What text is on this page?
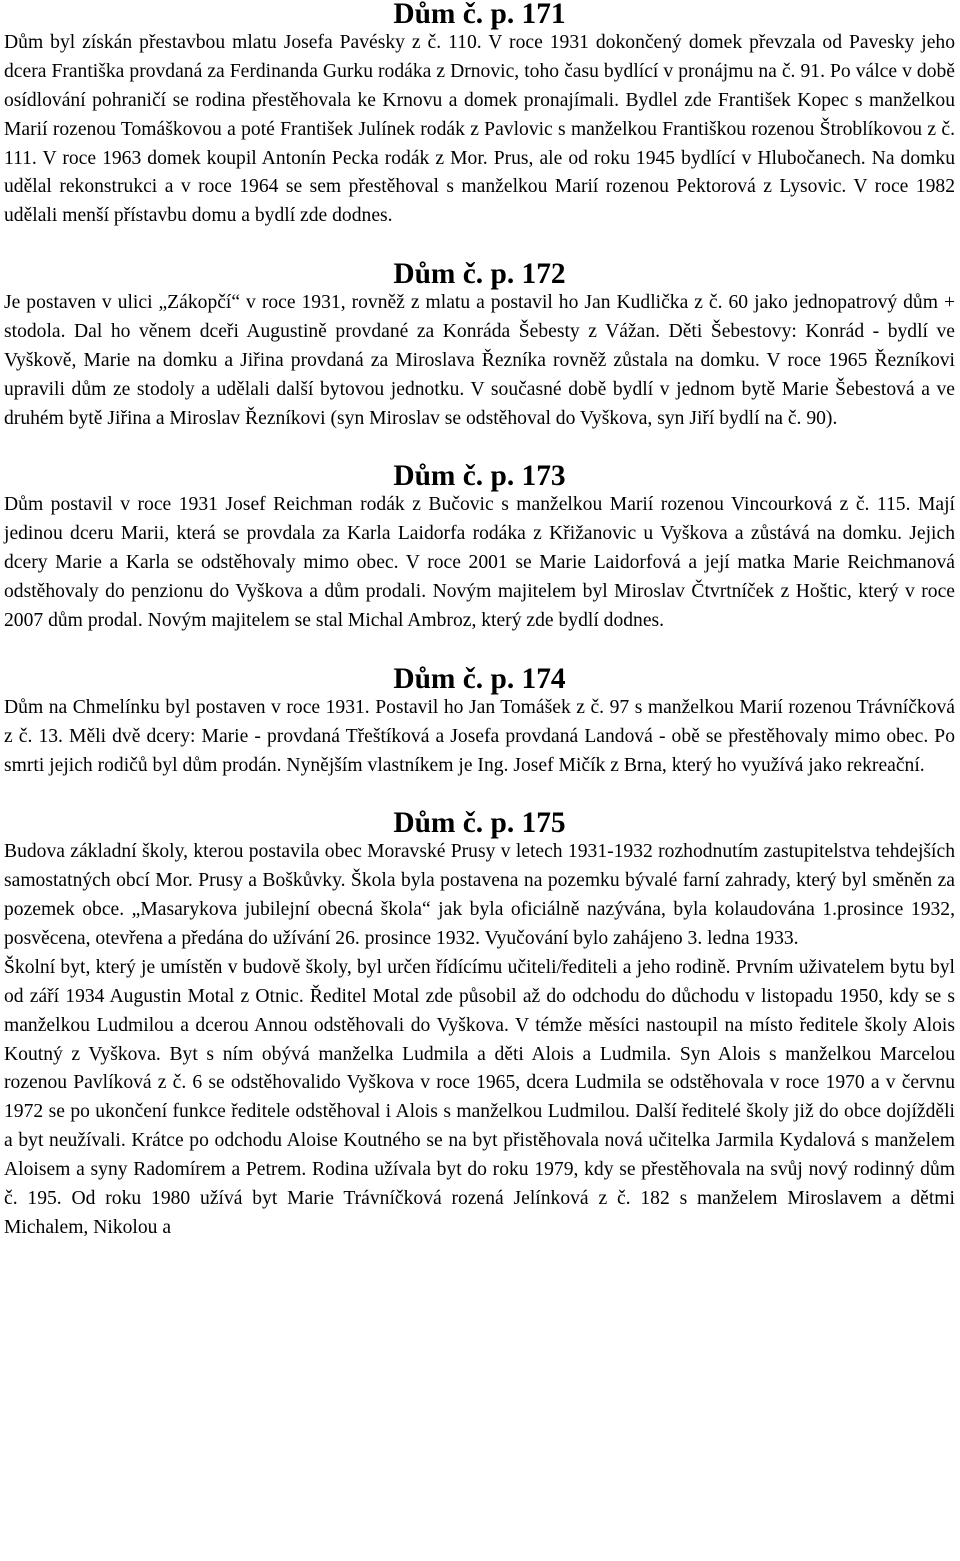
Dům č. p. 171

Dům byl získán přestavbou mlatu Josefa Pavésky z č. 110. V roce 1931 dokončený domek převzala od Pavesky jeho dcera Františka provdaná za Ferdinanda Gurku rodáka z Drnovic, toho času bydlící v pronájmu na č. 91. Po válce v době osídlování pohraničí se rodina přestěhovala ke Krnovu a domek pronajímali. Bydlel zde František Kopec s manželkou Marií rozenou Tomáškovou a poté František Julínek rodák z Pavlovic s manželkou Františkou rozenou Štroblíkovou z č. 111. V roce 1963 domek koupil Antonín Pecka rodák z Mor. Prus, ale od roku 1945 bydlící v Hlubočanech. Na domku udělal rekonstrukci a v roce 1964 se sem přestěhoval s manželkou Marií rozenou Pektorová z Lysovic. V roce 1982 udělali menší přístavbu domu a bydlí zde dodnes.

Dům č. p. 172

Je postaven v ulici „Zákopčí“ v roce 1931, rovněž z mlatu a postavil ho Jan Kudlička z č. 60 jako jednopatrový dům + stodola. Dal ho věnem dceři Augustině provdané za Konráda Šebesty z Vážan. Děti Šebestovy: Konrád - bydlí ve Vyškově, Marie na domku a Jiřina provdaná za Miroslava Řezníka rovněž zůstala na domku. V roce 1965 Řezníkovi upravili dům ze stodoly a udělali další bytovou jednotku. V současné době bydlí v jednom bytě Marie Šebestová a ve druhém bytě Jiřina a Miroslav Řezníkovi (syn Miroslav se odstěhoval do Vyškova, syn Jiří bydlí na č. 90).

Dům č. p. 173

Dům postavil v roce 1931 Josef Reichman rodák z Bučovic s manželkou Marií rozenou Vincourková z č. 115. Mají jedinou dceru Marii, která se provdala za Karla Laidorfa rodáka z Křižanovic u Vyškova a zůstává na domku. Jejich dcery Marie a Karla se odstěhovaly mimo obec. V roce 2001 se Marie Laidorfová a její matka Marie Reichmanová odstěhovaly do penzionu do Vyškova a dům prodali. Novým majitelem byl Miroslav Čtvrtníček z Hoštic, který v roce 2007 dům prodal. Novým majitelem se stal Michal Ambroz, který zde bydlí dodnes.

Dům č. p. 174

Dům na Chmelínku byl postaven v roce 1931. Postavil ho Jan Tomášek z č. 97 s manželkou Marií rozenou Trávníčková z č. 13. Měli dvě dcery: Marie - provdaná Třeštíková a Josefa provdaná Landová - obě se přestěhovaly mimo obec. Po smrti jejich rodičů byl dům prodán. Nynějším vlastníkem je Ing. Josef Mičík z Brna, který ho využívá jako rekreační.

Dům č. p. 175

Budova základní školy, kterou postavila obec Moravské Prusy v letech 1931-1932 rozhodnutím zastupitelstva tehdejších samostatných obcí Mor. Prusy a Boškůvky. Škola byla postavena na pozemku bývalé farní zahrady, který byl směněn za pozemek obce. „Masarykova jubilejní obecná škola“ jak byla oficiálně nazývána, byla kolaudována 1.prosince 1932, posvěcena, otevřena a předána do užívání 26. prosince 1932. Vyučování bylo zahájeno 3. ledna 1933.

Školní byt, který je umístěn v budově školy, byl určen řídícímu učiteli/řediteli a jeho rodině. Prvním uživatelem bytu byl od září 1934 Augustin Motal z Otnic. Ředitel Motal zde působil až do odchodu do důchodu v listopadu 1950, kdy se s manželkou Ludmilou a dcerou Annou odstěhovali do Vyškova. V témže měsíci nastoupil na místo ředitele školy Alois Koutný z Vyškova. Byt s ním obývá manželka Ludmila a děti Alois a Ludmila. Syn Alois s manželkou Marcelou rozenou Pavlíková z č. 6 se odstěhovalido Vyškova v roce 1965, dcera Ludmila se odstěhovala v roce 1970 a v červnu 1972 se po ukončení funkce ředitele odstěhoval i Alois s manželkou Ludmilou. Další ředitelé školy již do obce dojížděli a byt neužívali. Krátce po odchodu Aloise Koutného se na byt přistěhovala nová učitelka Jarmila Kydalová s manželem Aloisem a syny Radomírem a Petrem. Rodina užívala byt do roku 1979, kdy se přestěhovala na svůj nový rodinný dům č. 195. Od roku 1980 užívá byt Marie Trávníčková rozená Jelínková z č. 182 s manželem Miroslavem a dětmi Michalem, Nikolou a
